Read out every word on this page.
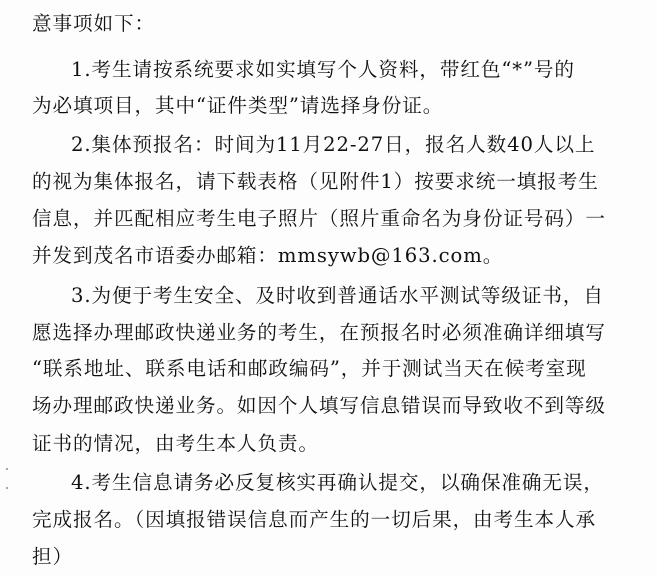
意事项如下：
1.考生请按系统要求如实填写个人资料，带红色“*”号的
为必填项目，其中“证件类型”请选择身份证。
2.集体预报名：时间为11月22-27日，报名人数40人以上
的视为集体报名，请下载表格（见附件1）按要求统一填报考生
信息，并匹配相应考生电子照片（照片重命名为身份证号码）一
并发到茂名市语委办邮箱：mmsywb@163.com。
3.为便于考生安全、及时收到普通话水平测试等级证书，自
愿选择办理邮政快递业务的考生，在预报名时必须准确详细填写
“联系地址、联系电话和邮政编码”，并于测试当天在候考室现
场办理邮政快递业务。如因个人填写信息错误而导致收不到等级
证书的情况，由考生本人负责。
4.考生信息请务必反复核实再确认提交，以确保准确无误，
完成报名。（因填报错误信息而产生的一切后果，由考生本人承
担）
